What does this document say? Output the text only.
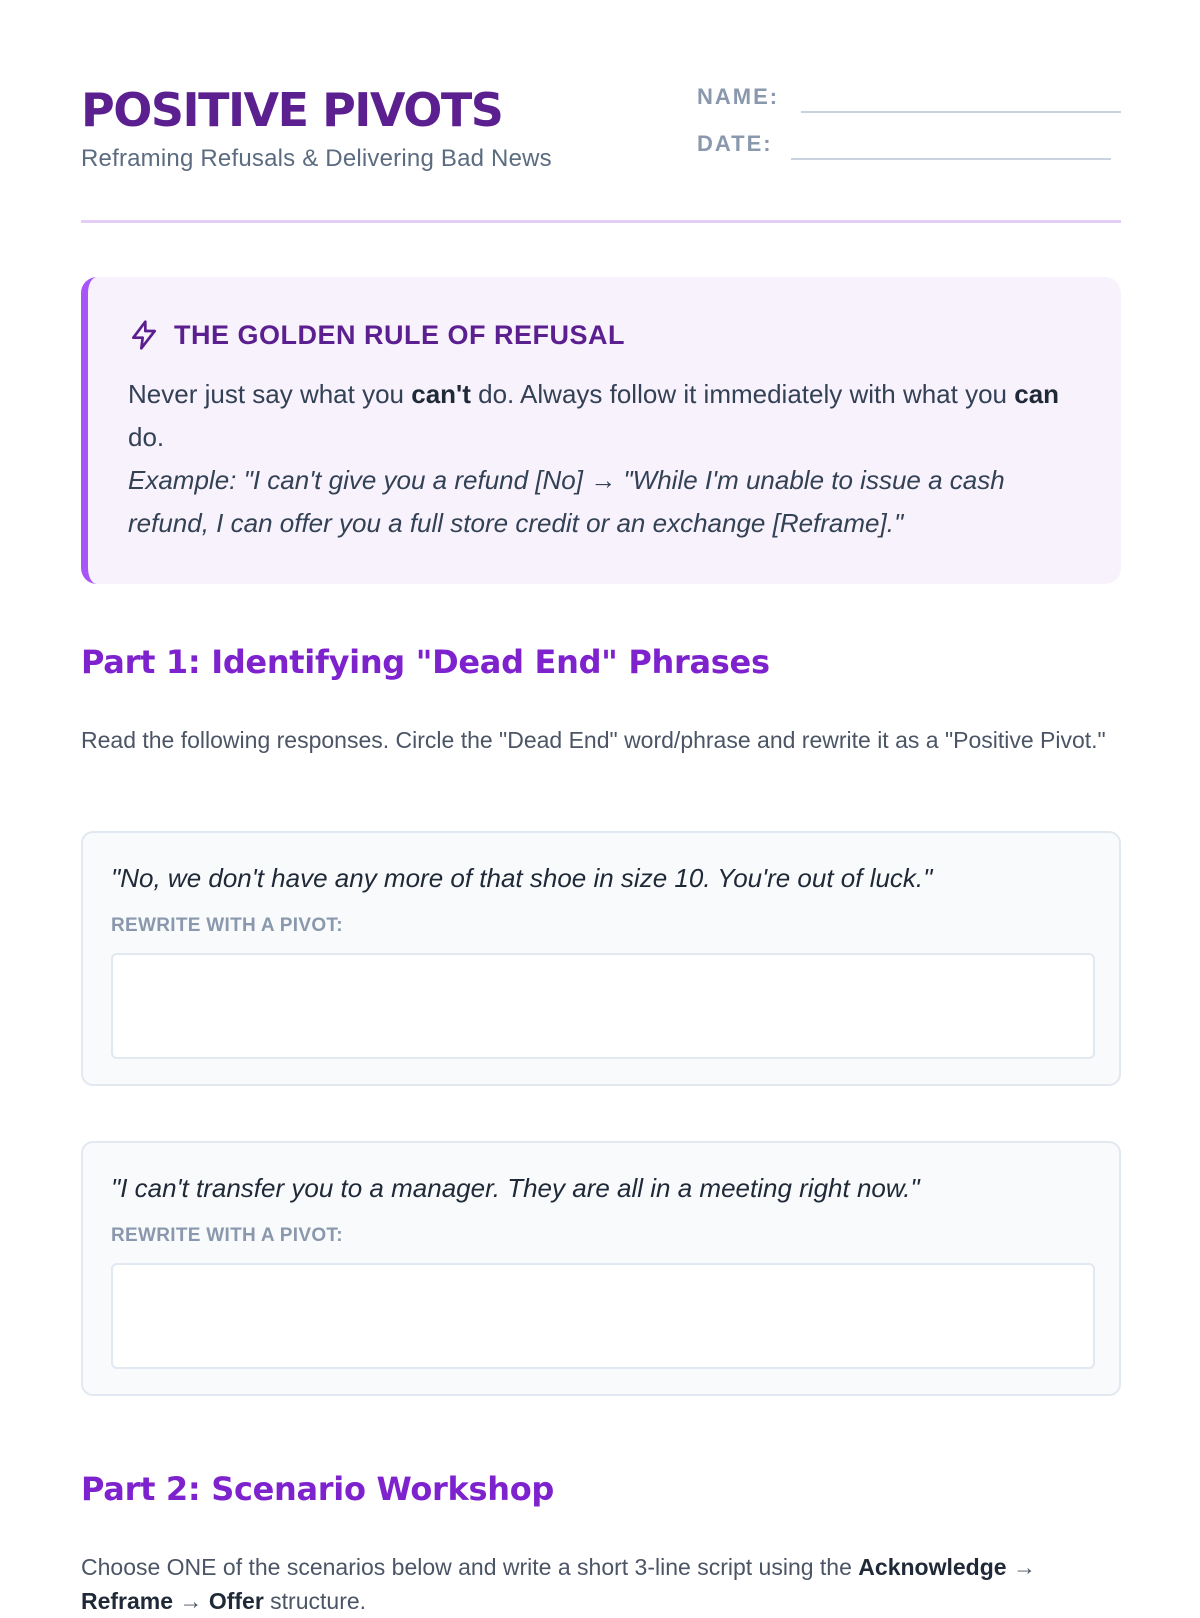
POSITIVE PIVOTS
Reframing Refusals & Delivering Bad News
NAME:
DATE:
THE GOLDEN RULE OF REFUSAL
Never just say what you can't do. Always follow it immediately with what you can do.
Example: "I can't give you a refund [No] → "While I'm unable to issue a cash refund, I can offer you a full store credit or an exchange [Reframe]."
Part 1: Identifying "Dead End" Phrases
Read the following responses. Circle the "Dead End" word/phrase and rewrite it as a "Positive Pivot."
"No, we don't have any more of that shoe in size 10. You're out of luck."
REWRITE WITH A PIVOT:
"I can't transfer you to a manager. They are all in a meeting right now."
REWRITE WITH A PIVOT:
Part 2: Scenario Workshop
Choose ONE of the scenarios below and write a short 3-line script using the Acknowledge → Reframe → Offer structure.
